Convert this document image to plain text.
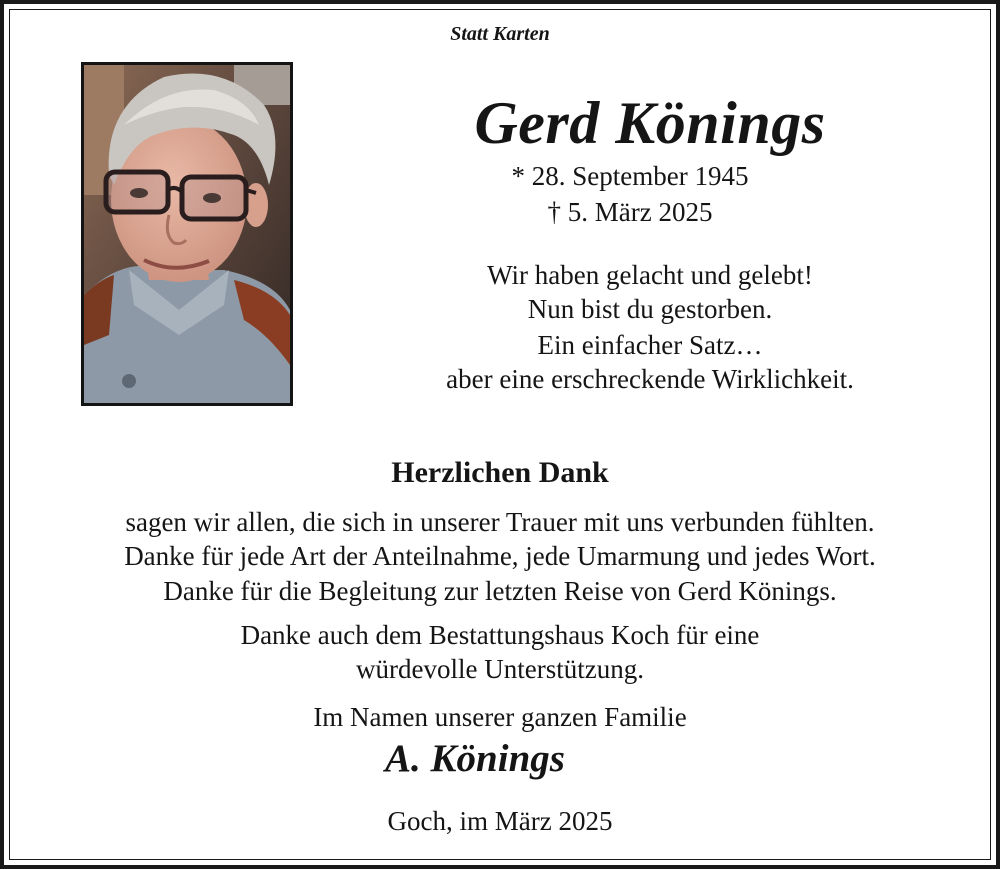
Statt Karten
Gerd Könings
* 28. September 1945
† 5. März 2025
Wir haben gelacht und gelebt!
Nun bist du gestorben.
Ein einfacher Satz…
aber eine erschreckende Wirklichkeit.
Herzlichen Dank
sagen wir allen, die sich in unserer Trauer mit uns verbunden fühlten.
Danke für jede Art der Anteilnahme, jede Umarmung und jedes Wort.
Danke für die Begleitung zur letzten Reise von Gerd Könings.
Danke auch dem Bestattungshaus Koch für eine
würdevolle Unterstützung.
Im Namen unserer ganzen Familie
A. Könings
Goch, im März 2025
